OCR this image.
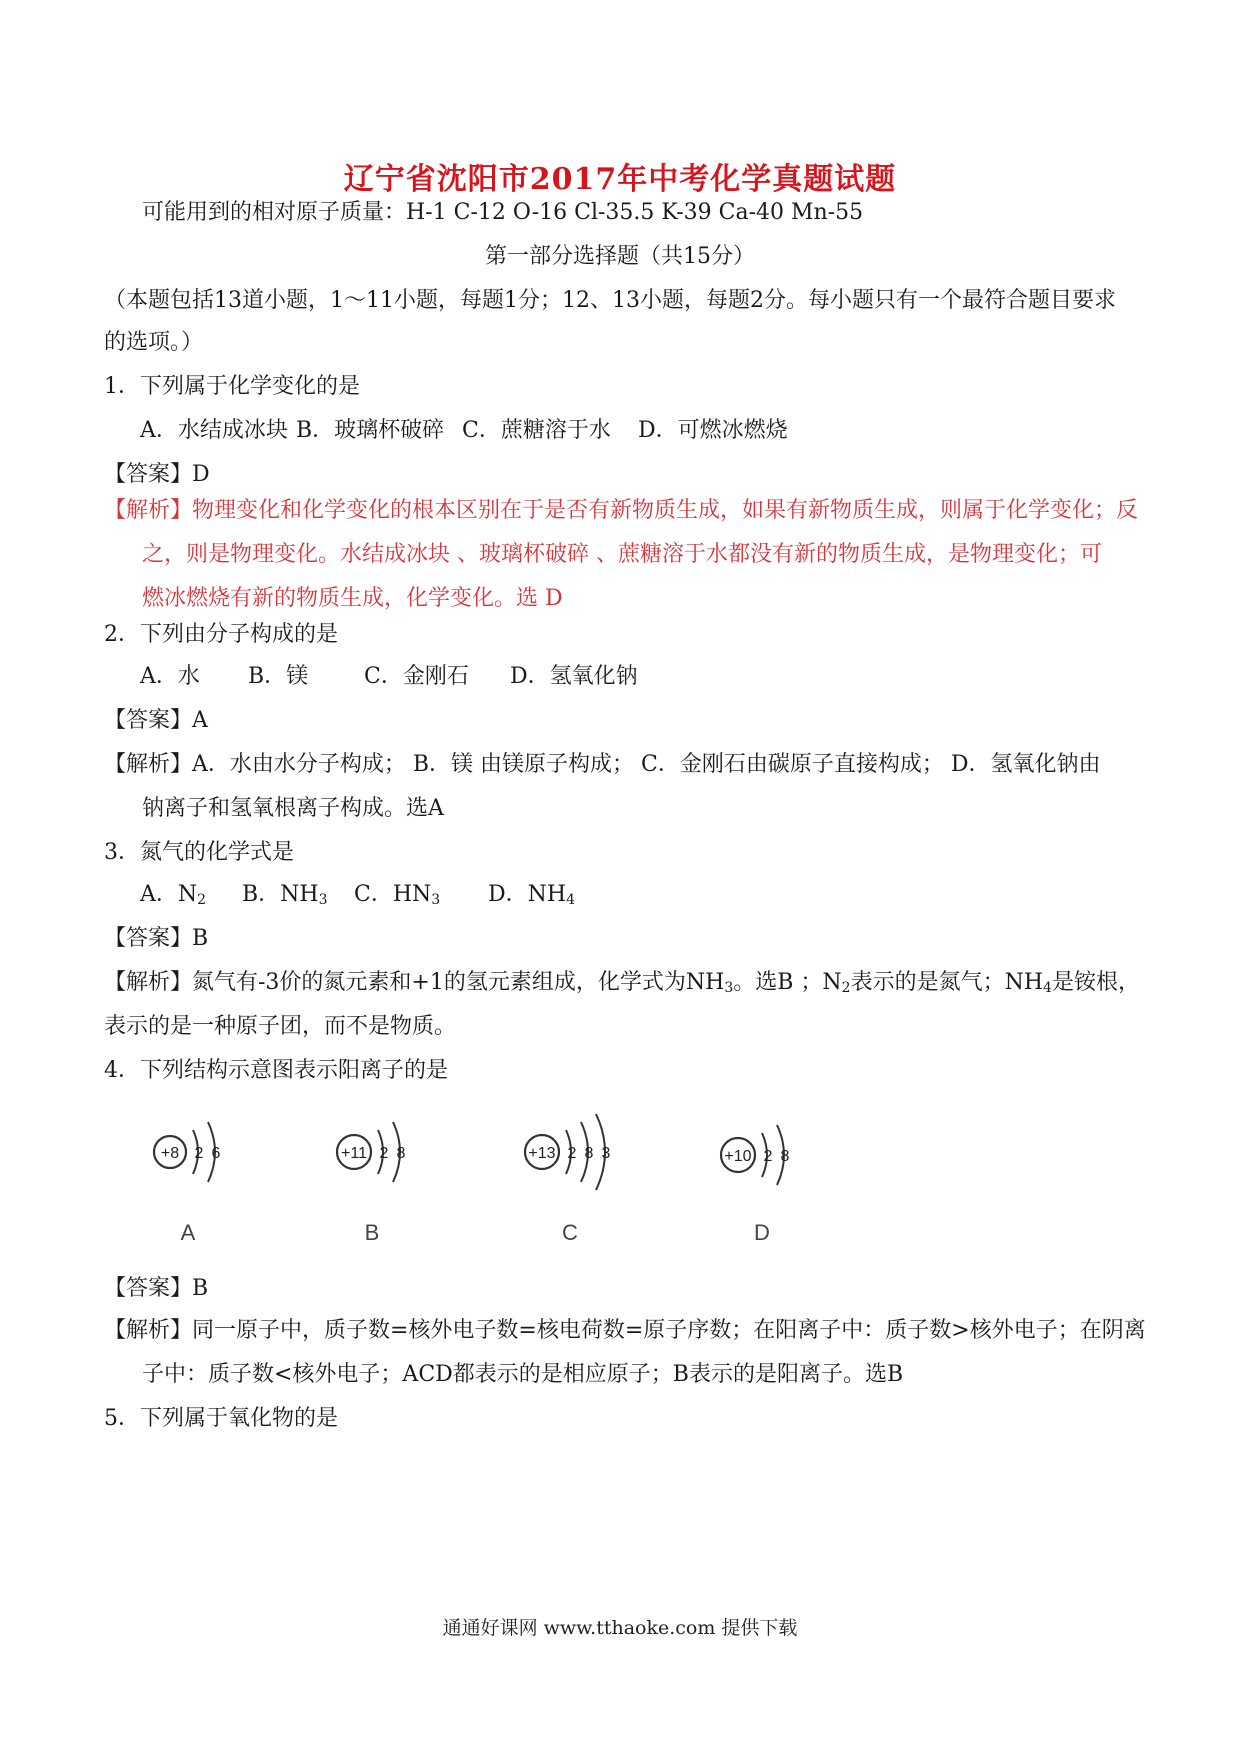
辽宁省沈阳市2017年中考化学真题试题
可能用到的相对原子质量：H-1 C-12 O-16 Cl-35.5 K-39 Ca-40 Mn-55
第一部分选择题（共15分）
（本题包括13道小题，1～11小题，每题1分；12、13小题，每题2分。每小题只有一个最符合题目要求
的选项。）
1．下列属于化学变化的是
A．水结成冰块 B．玻璃杯破碎 C．蔗糖溶于水 D．可燃冰燃烧
【答案】D
【解析】物理变化和化学变化的根本区别在于是否有新物质生成，如果有新物质生成，则属于化学变化；反
之，则是物理变化。水结成冰块 、玻璃杯破碎 、蔗糖溶于水都没有新的物质生成，是物理变化；可
燃冰燃烧有新的物质生成，化学变化。选 D
2．下列由分子构成的是
A．水 B．镁	C．金刚石 D．氢氧化钠
【答案】A
【解析】A．水由水分子构成； B．镁 由镁原子构成； C．金刚石由碳原子直接构成； D．氢氧化钠由
钠离子和氢氧根离子构成。选A
3．氮气的化学式是
A．$N_2$ B．$NH_3$ C．$HN_3$ D．$NH_4$
【答案】B
【解析】氮气有-3价的氮元素和+1的氢元素组成，化学式为$NH_3$。选B ；$N_2$表示的是氮气；$NH_4$是铵根，
表示的是一种原子团，而不是物质。
4．下列结构示意图表示阳离子的是
+8 2 6
A
+11 2 8
B
+13 2 8 3
C
+10 2 8
D
【答案】B
【解析】同一原子中，质子数=核外电子数=核电荷数=原子序数；在阳离子中：质子数>核外电子；在阴离
子中：质子数<核外电子；ACD都表示的是相应原子；B表示的是阳离子。选B
5．下列属于氧化物的是
通通好课网 www.tthaoke.com 提供下载
